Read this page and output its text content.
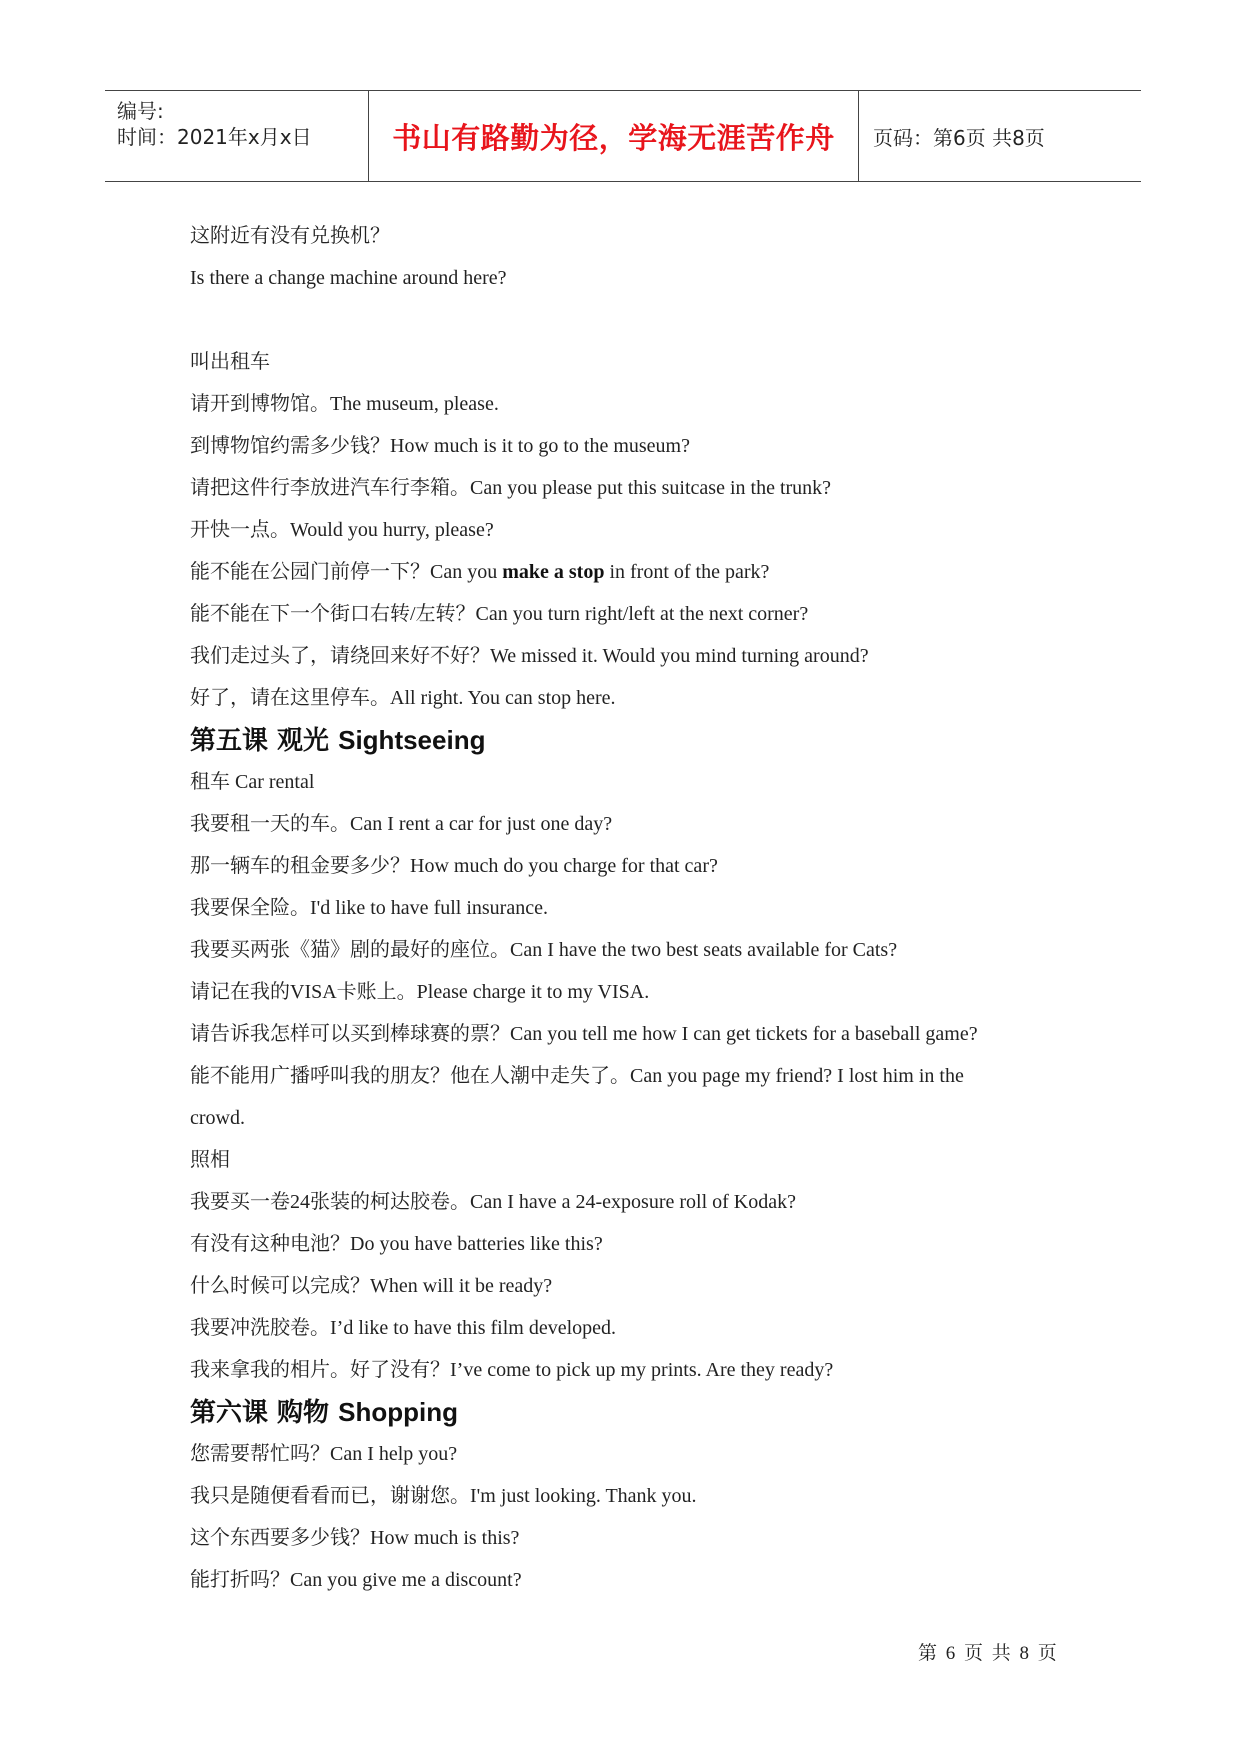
编号:
时间：2021年x月x日	书山有路勤为径，学海无涯苦作舟 页码：第6页 共8页
这附近有没有兑换机？
Is there a change machine around here?
叫出租车
请开到博物馆。The museum, please.
到博物馆约需多少钱？How much is it to go to the museum?
请把这件行李放进汽车行李箱。Can you please put this suitcase in the trunk?
开快一点。Would you hurry, please?
能不能在公园门前停一下？Can you make a stop in front of the park?
能不能在下一个街口右转/左转？Can you turn right/left at the next corner?
我们走过头了，请绕回来好不好？We missed it. Would you mind turning around?
好了，请在这里停车。All right. You can stop here.
第五课 观光 Sightseeing
租车 Car rental
我要租一天的车。Can I rent a car for just one day?
那一辆车的租金要多少？How much do you charge for that car?
我要保全险。I'd like to have full insurance.
我要买两张《猫》剧的最好的座位。Can I have the two best seats available for Cats?
请记在我的VISA卡账上。Please charge it to my VISA.
请告诉我怎样可以买到棒球赛的票？Can you tell me how I can get tickets for a baseball game?
能不能用广播呼叫我的朋友？他在人潮中走失了。Can you page my friend? I lost him in the
crowd.
照相
我要买一卷24张装的柯达胶卷。Can I have a 24-exposure roll of Kodak?
有没有这种电池？Do you have batteries like this?
什么时候可以完成？When will it be ready?
我要冲洗胶卷。I’d like to have this film developed.
我来拿我的相片。好了没有？I’ve come to pick up my prints. Are they ready?
第六课 购物 Shopping
您需要帮忙吗？Can I help you?
我只是随便看看而已，谢谢您。I'm just looking. Thank you.
这个东西要多少钱？How much is this?
能打折吗？Can you give me a discount?
第 6 页 共 8 页
